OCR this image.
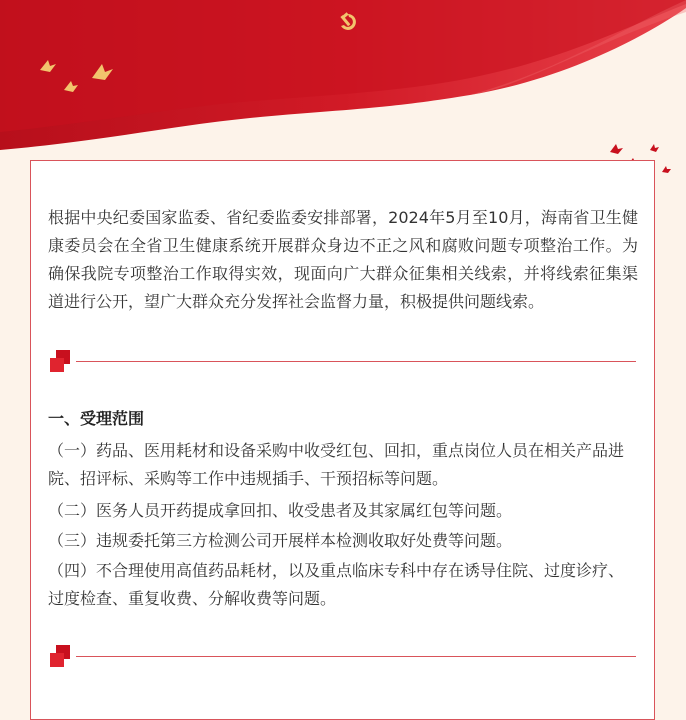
根据中央纪委国家监委、省纪委监委安排部署，2024年5月至10月，海南省卫生健康委员会在全省卫生健康系统开展群众身边不正之风和腐败问题专项整治工作。为确保我院专项整治工作取得实效，现面向广大群众征集相关线索，并将线索征集渠道进行公开，望广大群众充分发挥社会监督力量，积极提供问题线索。

一、受理范围

（一）药品、医用耗材和设备采购中收受红包、回扣，重点岗位人员在相关产品进院、招评标、采购等工作中违规插手、干预招标等问题。

（二）医务人员开药提成拿回扣、收受患者及其家属红包等问题。

（三）违规委托第三方检测公司开展样本检测收取好处费等问题。

（四）不合理使用高值药品耗材，以及重点临床专科中存在诱导住院、过度诊疗、过度检查、重复收费、分解收费等问题。
